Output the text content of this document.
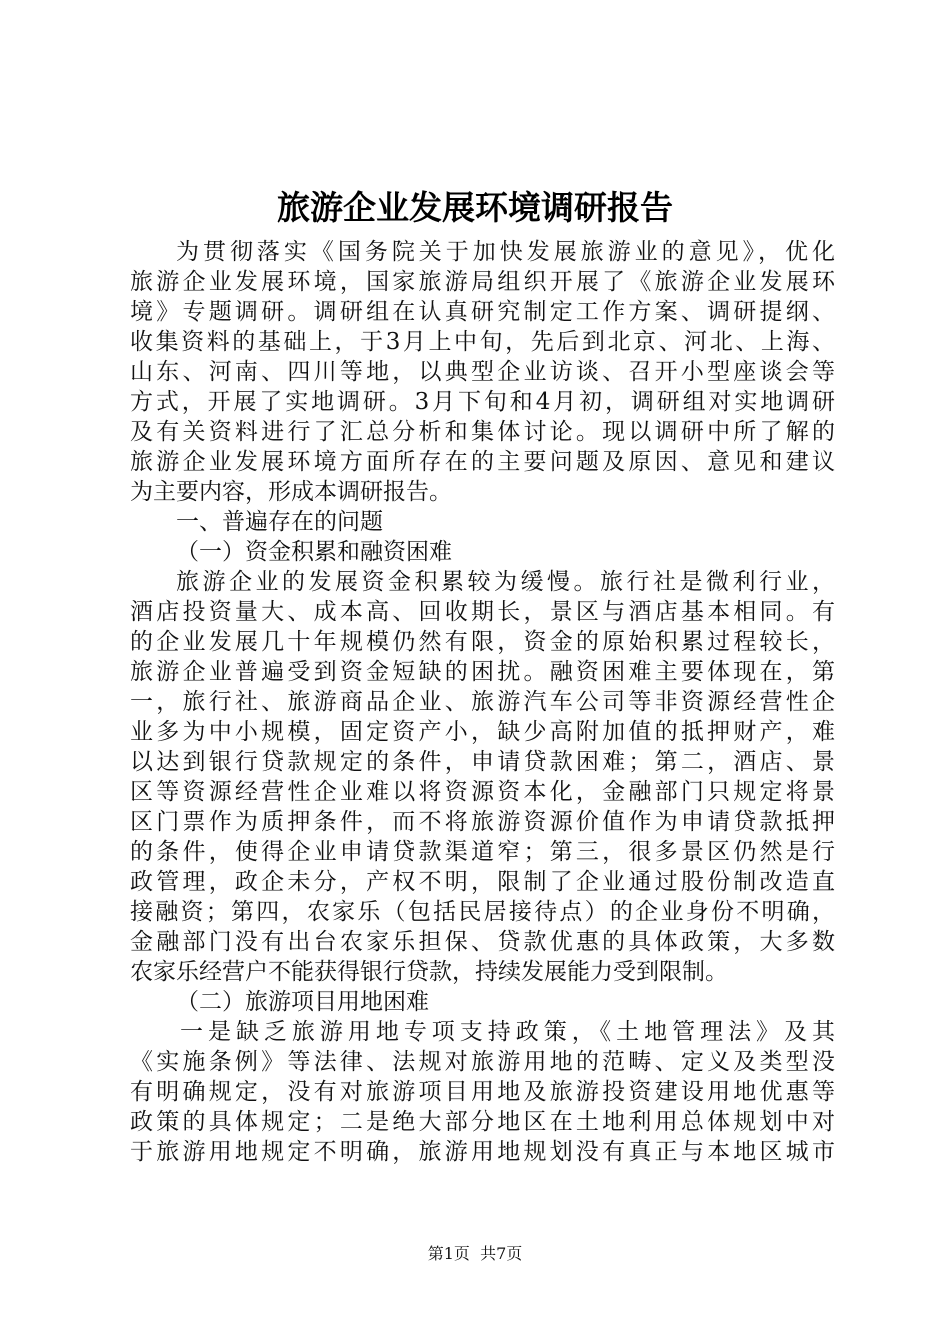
旅游企业发展环境调研报告
为贯彻落实《国务院关于加快发展旅游业的意见》，优化
旅游企业发展环境，国家旅游局组织开展了《旅游企业发展环
境》专题调研。调研组在认真研究制定工作方案、调研提纲、
收集资料的基础上，于3月上中旬，先后到北京、河北、上海、
山东、河南、四川等地，以典型企业访谈、召开小型座谈会等
方式，开展了实地调研。3月下旬和4月初，调研组对实地调研
及有关资料进行了汇总分析和集体讨论。现以调研中所了解的
旅游企业发展环境方面所存在的主要问题及原因、意见和建议
为主要内容，形成本调研报告。
一、普遍存在的问题
（一）资金积累和融资困难
旅游企业的发展资金积累较为缓慢。旅行社是微利行业，
酒店投资量大、成本高、回收期长，景区与酒店基本相同。有
的企业发展几十年规模仍然有限，资金的原始积累过程较长，
旅游企业普遍受到资金短缺的困扰。融资困难主要体现在，第
一，旅行社、旅游商品企业、旅游汽车公司等非资源经营性企
业多为中小规模，固定资产小，缺少高附加值的抵押财产，难
以达到银行贷款规定的条件，申请贷款困难；第二，酒店、景
区等资源经营性企业难以将资源资本化，金融部门只规定将景
区门票作为质押条件，而不将旅游资源价值作为申请贷款抵押
的条件，使得企业申请贷款渠道窄；第三，很多景区仍然是行
政管理，政企未分，产权不明，限制了企业通过股份制改造直
接融资；第四，农家乐（包括民居接待点）的企业身份不明确，
金融部门没有出台农家乐担保、贷款优惠的具体政策，大多数
农家乐经营户不能获得银行贷款，持续发展能力受到限制。
（二）旅游项目用地困难
一是缺乏旅游用地专项支持政策，《土地管理法》及其
《实施条例》等法律、法规对旅游用地的范畴、定义及类型没
有明确规定，没有对旅游项目用地及旅游投资建设用地优惠等
政策的具体规定；二是绝大部分地区在土地利用总体规划中对
于旅游用地规定不明确，旅游用地规划没有真正与本地区城市
第1页  共7页
